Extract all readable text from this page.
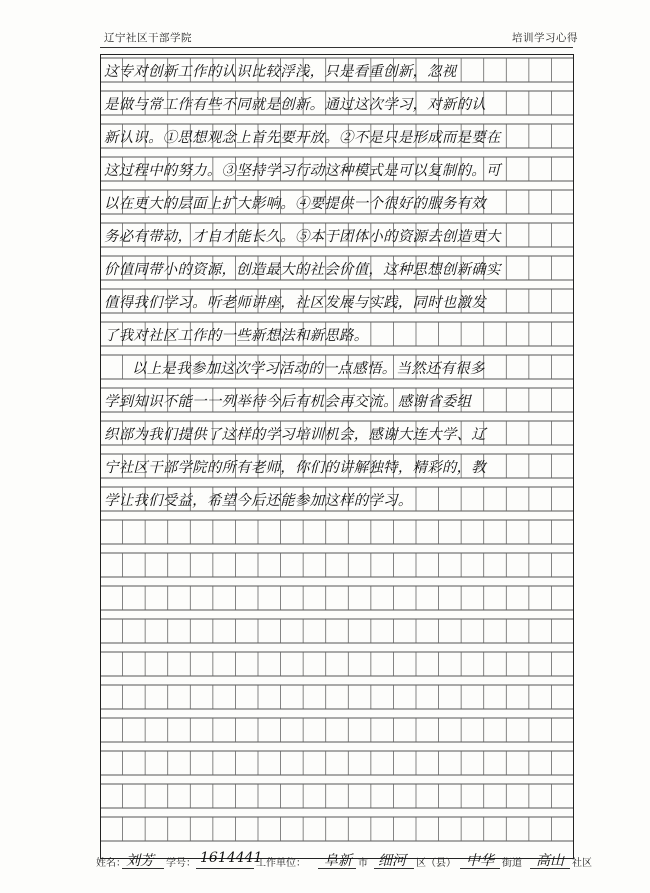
辽宁社区干部学院	培训学习心得
这专对创新工作的认识比较浮浅，只是看重创新，忽视
是做与常工作有些不同就是创新。通过这次学习，对新的认
新认识。①思想观念上首先要开放。②不是只是形成而是要在
这过程中的努力。③坚持学习行动这种模式是可以复制的。可
以在更大的层面上扩大影响。④要提供一个很好的服务有效
务必有带动，才自才能长久。⑤本于团体小的资源去创造更大
价值同带小的资源，创造最大的社会价值，这种思想创新确实
值得我们学习。听老师讲座，社区发展与实践，同时也激发
了我对社区工作的一些新想法和新思路。
以上是我参加这次学习活动的一点感悟。当然还有很多
学到知识不能一一列举待今后有机会再交流。感谢省委组
织部为我们提供了这样的学习培训机会，感谢大连大学、辽
宁社区干部学院的所有老师，你们的讲解独特，精彩的，教
学让我们受益，希望今后还能参加这样的学习。
姓名： 刘芳 学号： 1614441
工作单位： 阜新 市 细河 区（县） 中华 街道 高山 社区
